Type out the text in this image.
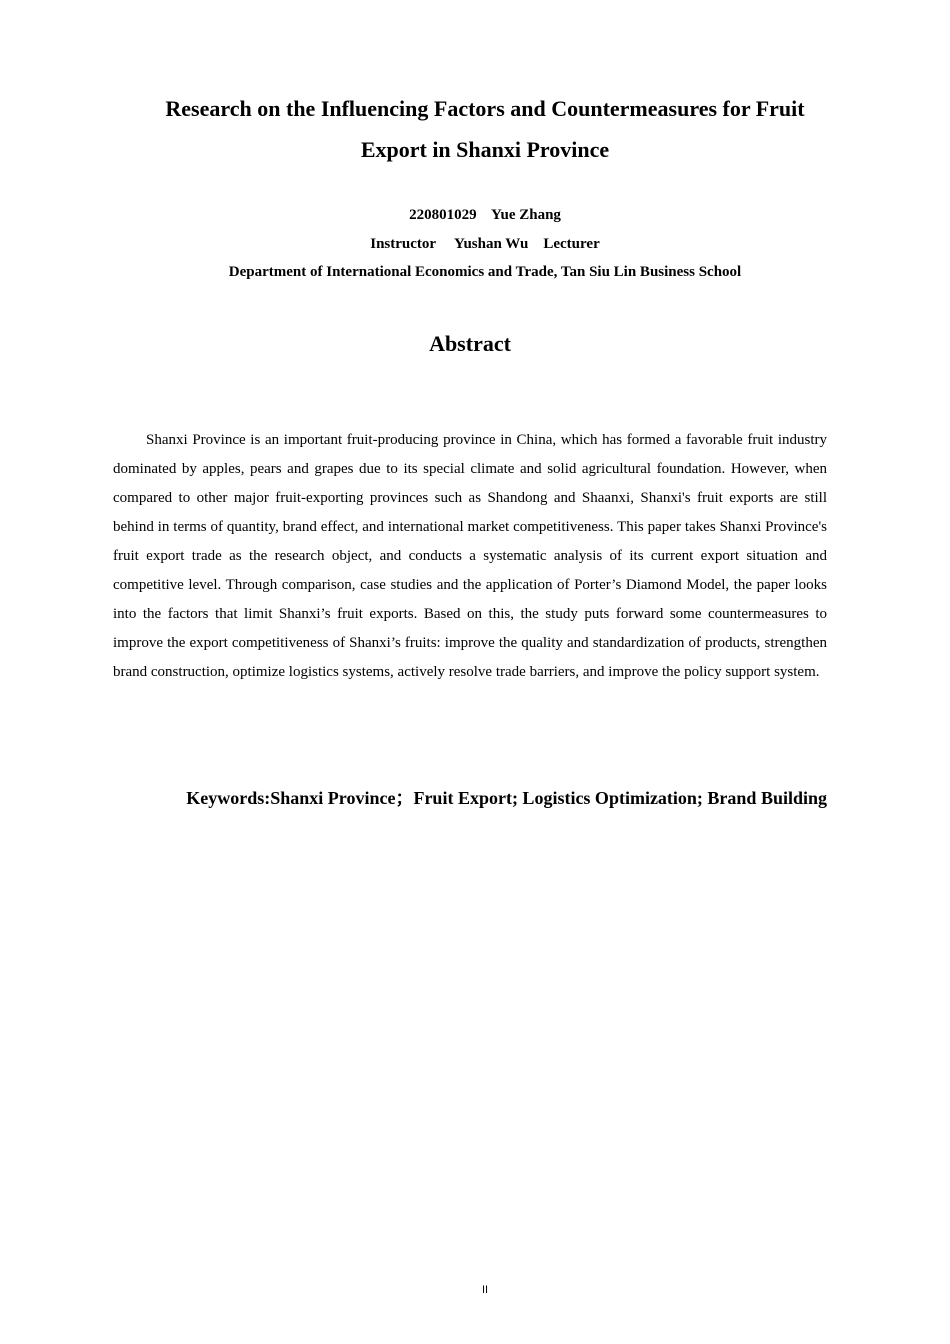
Research on the Influencing Factors and Countermeasures for Fruit
Export in Shanxi Province
220801029    Yue Zhang
Instructor     Yushan Wu    Lecturer
Department of International Economics and Trade, Tan Siu Lin Business School
Abstract

Shanxi Province is an important fruit-producing province in China, which has formed a favorable fruit industry dominated by apples, pears and grapes due to its special climate and solid agricultural foundation. However, when compared to other major fruit-exporting provinces such as Shandong and Shaanxi, Shanxi's fruit exports are still behind in terms of quantity, brand effect, and international market competitiveness. This paper takes Shanxi Province's fruit export trade as the research object, and conducts a systematic analysis of its current export situation and competitive level. Through comparison, case studies and the application of Porter’s Diamond Model, the paper looks into the factors that limit Shanxi’s fruit exports. Based on this, the study puts forward some countermeasures to improve the export competitiveness of Shanxi’s fruits: improve the quality and standardization of products, strengthen brand construction, optimize logistics systems, actively resolve trade barriers, and improve the policy support system.

Keywords:Shanxi Province；Fruit Export; Logistics Optimization; Brand Building
II
